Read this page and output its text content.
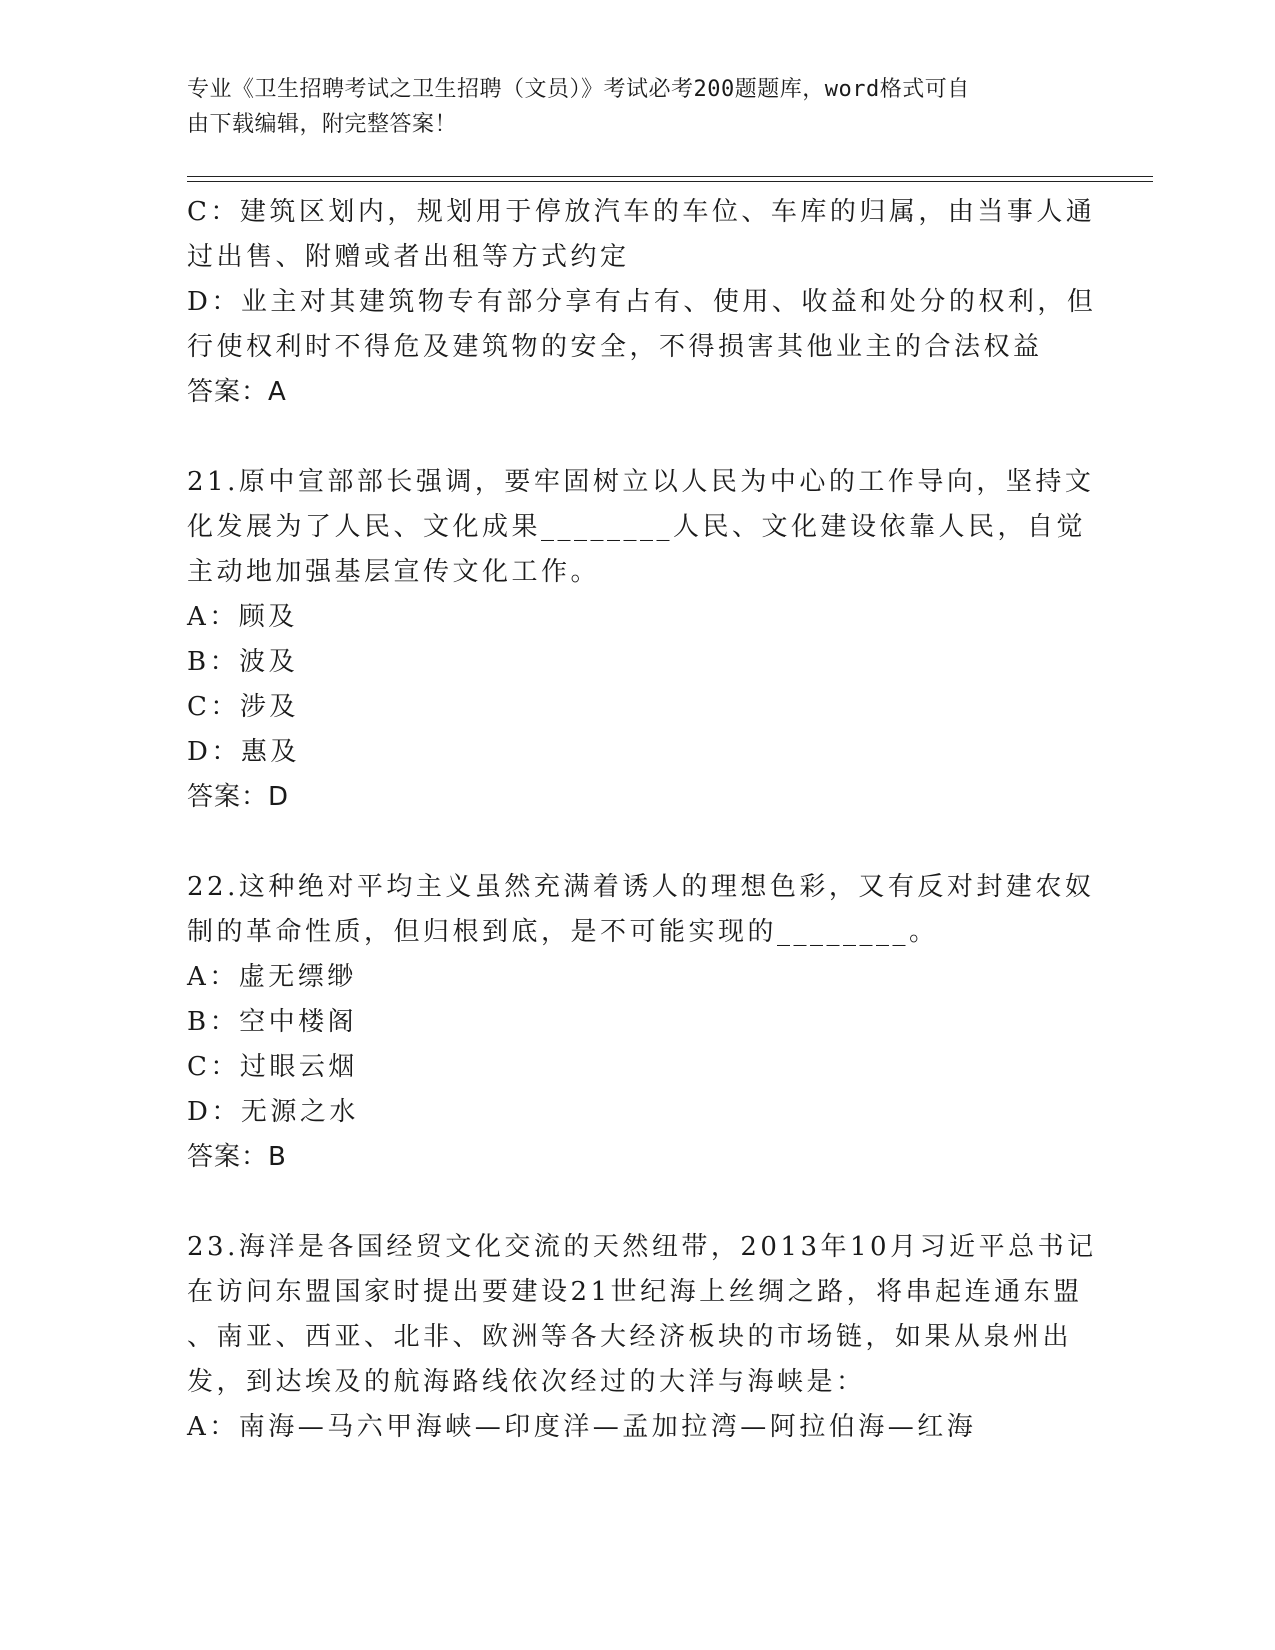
专业《卫生招聘考试之卫生招聘（文员）》考试必考200题题库，word格式可自
由下载编辑，附完整答案！
C：建筑区划内，规划用于停放汽车的车位、车库的归属，由当事人通
过出售、附赠或者出租等方式约定
D：业主对其建筑物专有部分享有占有、使用、收益和处分的权利，但
行使权利时不得危及建筑物的安全，不得损害其他业主的合法权益
答案：A
21.原中宣部部长强调，要牢固树立以人民为中心的工作导向，坚持文
化发展为了人民、文化成果________人民、文化建设依靠人民，自觉
主动地加强基层宣传文化工作。
A：顾及
B：波及
C：涉及
D：惠及
答案：D
22.这种绝对平均主义虽然充满着诱人的理想色彩，又有反对封建农奴
制的革命性质，但归根到底，是不可能实现的________。
A：虚无缥缈
B：空中楼阁
C：过眼云烟
D：无源之水
答案：B
23.海洋是各国经贸文化交流的天然纽带，2013年10月习近平总书记
在访问东盟国家时提出要建设21世纪海上丝绸之路，将串起连通东盟
、南亚、西亚、北非、欧洲等各大经济板块的市场链，如果从泉州出
发，到达埃及的航海路线依次经过的大洋与海峡是：
A：南海—马六甲海峡—印度洋—孟加拉湾—阿拉伯海—红海
